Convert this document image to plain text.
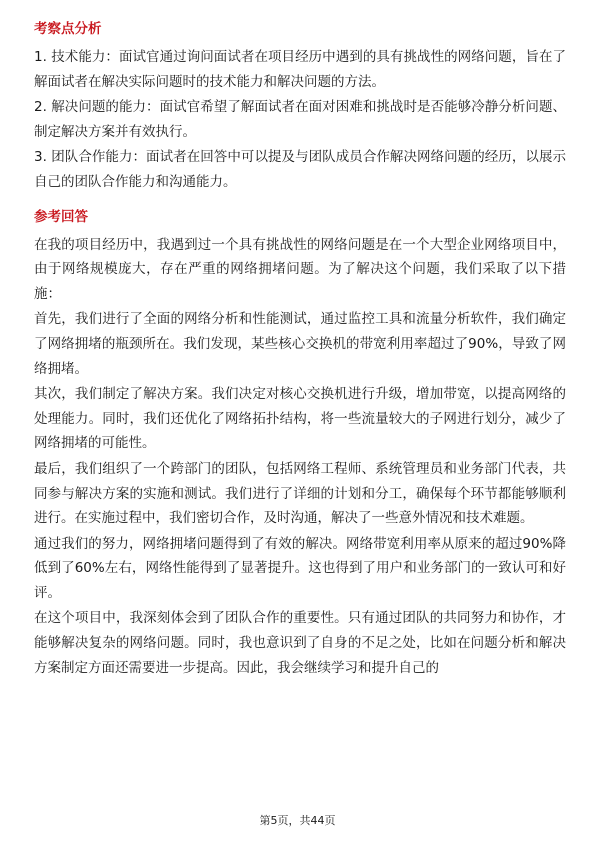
考察点分析

1. 技术能力：面试官通过询问面试者在项目经历中遇到的具有挑战性的网络问题，旨在了解面试者在解决实际问题时的技术能力和解决问题的方法。

2. 解决问题的能力：面试官希望了解面试者在面对困难和挑战时是否能够冷静分析问题、制定解决方案并有效执行。

3. 团队合作能力：面试者在回答中可以提及与团队成员合作解决网络问题的经历，以展示自己的团队合作能力和沟通能力。

参考回答

在我的项目经历中，我遇到过一个具有挑战性的网络问题是在一个大型企业网络项目中，由于网络规模庞大，存在严重的网络拥堵问题。为了解决这个问题，我们采取了以下措施：

首先，我们进行了全面的网络分析和性能测试，通过监控工具和流量分析软件，我们确定了网络拥堵的瓶颈所在。我们发现，某些核心交换机的带宽利用率超过了90%，导致了网络拥堵。

其次，我们制定了解决方案。我们决定对核心交换机进行升级，增加带宽，以提高网络的处理能力。同时，我们还优化了网络拓扑结构，将一些流量较大的子网进行划分，减少了网络拥堵的可能性。

最后，我们组织了一个跨部门的团队，包括网络工程师、系统管理员和业务部门代表，共同参与解决方案的实施和测试。我们进行了详细的计划和分工，确保每个环节都能够顺利进行。在实施过程中，我们密切合作，及时沟通，解决了一些意外情况和技术难题。

通过我们的努力，网络拥堵问题得到了有效的解决。网络带宽利用率从原来的超过90%降低到了60%左右，网络性能得到了显著提升。这也得到了用户和业务部门的一致认可和好评。

在这个项目中，我深刻体会到了团队合作的重要性。只有通过团队的共同努力和协作，才能够解决复杂的网络问题。同时，我也意识到了自身的不足之处，比如在问题分析和解决方案制定方面还需要进一步提高。因此，我会继续学习和提升自己的

第5页，共44页
